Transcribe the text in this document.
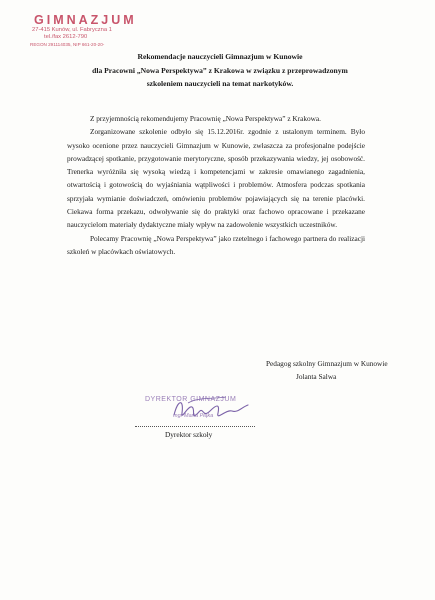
GIMNAZJUM
27-415 Kunów, ul. Fabryczna 1
tel./fax 2612-790
REGON 291114035, NIP 661-20-20-
Rekomendacje nauczycieli Gimnazjum w Kunowie
dla Pracowni „Nowa Perspektywa” z Krakowa w związku z przeprowadzonym
szkoleniem nauczycieli na temat narkotyków.

Z przyjemnością rekomendujemy Pracownię „Nowa Perspektywa” z Krakowa.

Zorganizowane szkolenie odbyło się 15.12.2016r. zgodnie z ustalonym terminem. Było wysoko ocenione przez nauczycieli Gimnazjum w Kunowie, zwłaszcza za profesjonalne podejście prowadzącej spotkanie, przygotowanie merytoryczne, sposób przekazywania wiedzy, jej osobowość. Trenerka wyróżniła się wysoką wiedzą i kompetencjami w zakresie omawianego zagadnienia, otwartością i gotowością do wyjaśniania wątpliwości i problemów. Atmosfera podczas spotkania sprzyjała wymianie doświadczeń, omówieniu problemów pojawiających się na terenie placówki. Ciekawa forma przekazu, odwoływanie się do praktyki oraz fachowo opracowane i przekazane nauczycielom materiały dydaktyczne miały wpływ na zadowolenie wszystkich uczestników.

Polecamy Pracownię „Nowa Perspektywa” jako rzetelnego i fachowego partnera do realizacji szkoleń w placówkach oświatowych.

Pedagog szkolny Gimnazjum w Kunowie
Jolanta Salwa
DYREKTOR GIMNAZJUM
mgr Marta Płąka
Dyrektor szkoły
